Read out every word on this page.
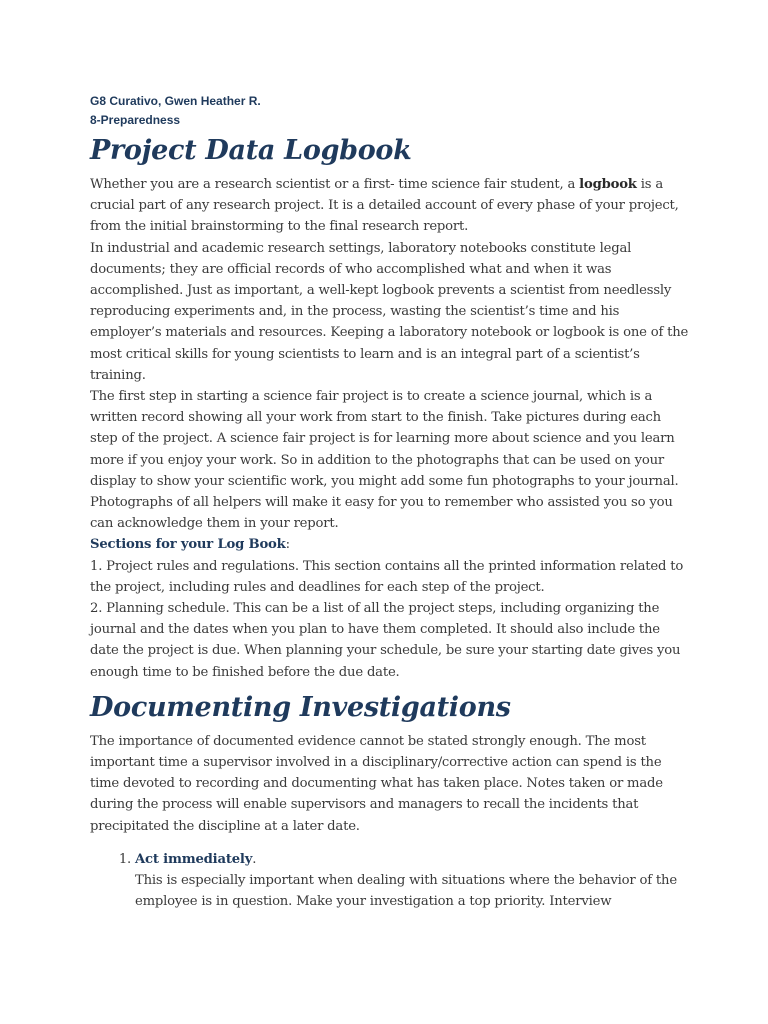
G8 Curativo, Gwen Heather R.
8-Preparedness
Project Data Logbook

Whether you are a research scientist or a first- time science fair student, a logbook is a crucial part of any research project. It is a detailed account of every phase of your project, from the initial brainstorming to the final research report.

In industrial and academic research settings, laboratory notebooks constitute legal documents; they are official records of who accomplished what and when it was accomplished. Just as important, a well-kept logbook prevents a scientist from needlessly reproducing experiments and, in the process, wasting the scientist’s time and his employer’s materials and resources. Keeping a laboratory notebook or logbook is one of the most critical skills for young scientists to learn and is an integral part of a scientist’s training.

The first step in starting a science fair project is to create a science journal, which is a written record showing all your work from start to the finish. Take pictures during each step of the project. A science fair project is for learning more about science and you learn more if you enjoy your work. So in addition to the photographs that can be used on your display to show your scientific work, you might add some fun photographs to your journal. Photographs of all helpers will make it easy for you to remember who assisted you so you can acknowledge them in your report.

Sections for your Log Book:

1. Project rules and regulations. This section contains all the printed information related to the project, including rules and deadlines for each step of the project.

2. Planning schedule. This can be a list of all the project steps, including organizing the journal and the dates when you plan to have them completed. It should also include the date the project is due. When planning your schedule, be sure your starting date gives you enough time to be finished before the due date.

Documenting Investigations

The importance of documented evidence cannot be stated strongly enough. The most important time a supervisor involved in a disciplinary/corrective action can spend is the time devoted to recording and documenting what has taken place. Notes taken or made during the process will enable supervisors and managers to recall the incidents that precipitated the discipline at a later date.

1. Act immediately.
This is especially important when dealing with situations where the behavior of the employee is in question. Make your investigation a top priority. Interview
